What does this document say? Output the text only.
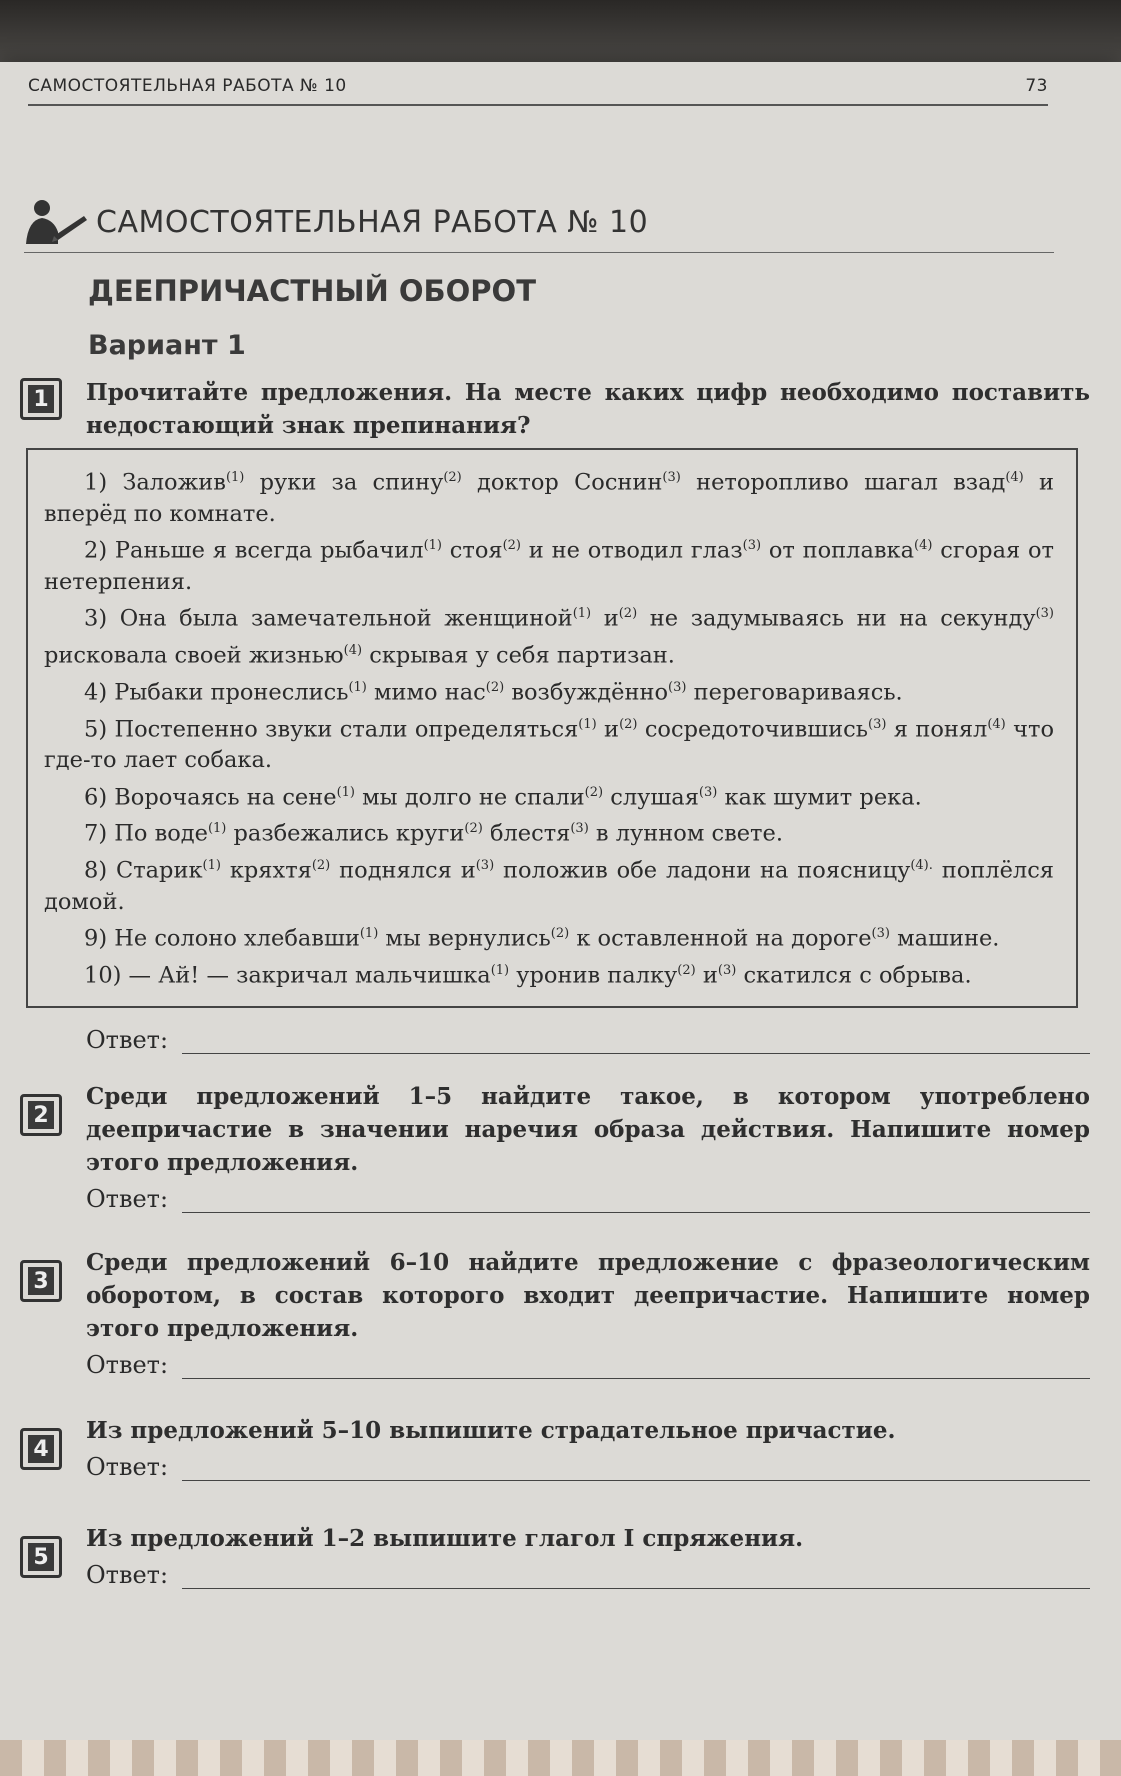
САМОСТОЯТЕЛЬНАЯ РАБОТА № 10	73
САМОСТОЯТЕЛЬНАЯ РАБОТА № 10
ДЕЕПРИЧАСТНЫЙ ОБОРОТ
Вариант 1
1 Прочитайте предложения. На месте каких цифр необходимо поставить недостающий знак препинания?
1) Заложив$^{(1)}$ руки за спину$^{(2)}$ доктор Соснин$^{(3)}$ неторопливо шагал взад$^{(4)}$ и вперёд по комнате.
2) Раньше я всегда рыбачил$^{(1)}$ стоя$^{(2)}$ и не отводил глаз$^{(3)}$ от поплавка$^{(4)}$ сгорая от нетерпения.
3) Она была замечательной женщиной$^{(1)}$ $и^{(2)}$ не задумываясь ни на секунду$^{(3)}$ рисковала своей жизнью$^{(4)}$ скрывая у себя партизан.
4) Рыбаки пронеслись$^{(1)}$ мимо нас$^{(2)}$ возбуждённо$^{(3)}$ переговариваясь.
5) Постепенно звуки стали определяться$^{(1)}$ $и^{(2)}$ сосредоточившись$^{(3)}$ я понял$^{(4)}$ что где-то лает собака.
6) Ворочаясь на сене$^{(1)}$ мы долго не спали$^{(2)}$ слушая$^{(3)}$ как шумит река.
7) По воде$^{(1)}$ разбежались круги$^{(2)}$ блестя$^{(3)}$ в лунном свете.
8) Старик$^{(1)}$ кряхтя$^{(2)}$ поднялся $и^{(3)}$ положив обе ладони на поясницу$^{(4).}$ поплёлся домой.
9) Не солоно хлебавши$^{(1)}$ мы вернулись$^{(2)}$ к оставленной на дороге$^{(3)}$ машине.
10) — Ай! — закричал мальчишка$^{(1)}$ уронив палку$^{(2)}$ $и^{(3)}$ скатился с обрыва.
Ответ:
2
Среди предложений 1–5 найдите такое, в котором употреблено деепричастие в значении наречия образа действия. Напишите номер этого предложения.
Ответ:
3
Среди предложений 6–10 найдите предложение с фразеологическим оборотом, в состав которого входит деепричастие. Напишите номер этого предложения.
Ответ:
4
Из предложений 5–10 выпишите страдательное причастие.
Ответ:
5
Из предложений 1–2 выпишите глагол I спряжения.
Ответ:
